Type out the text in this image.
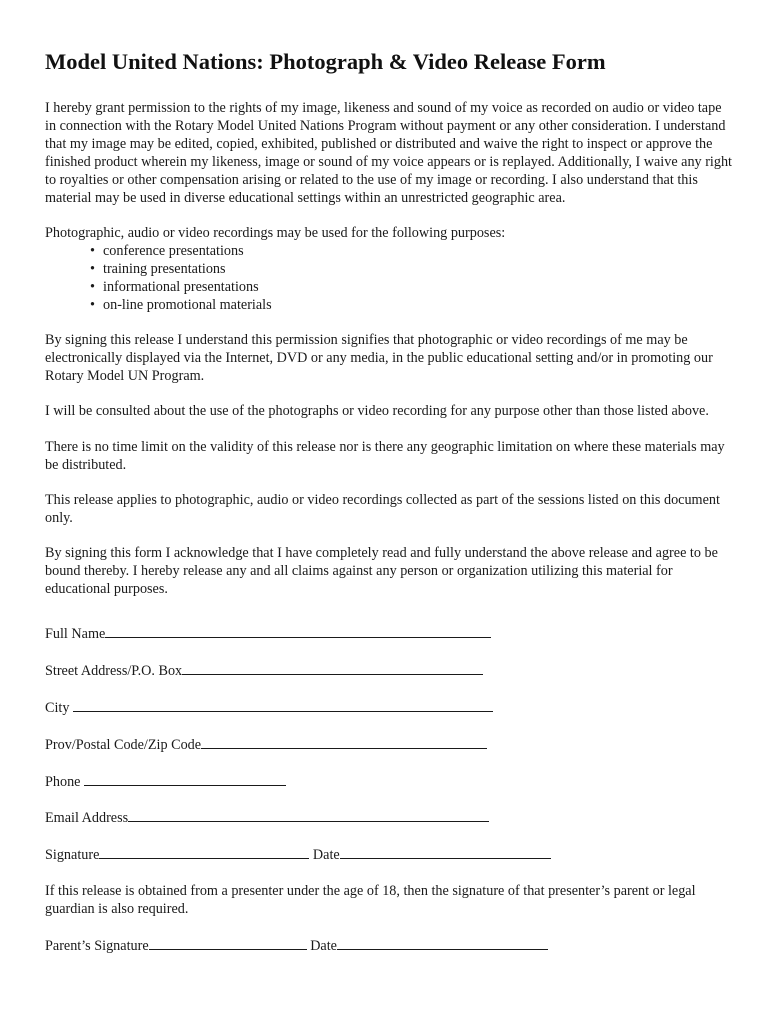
Model United Nations: Photograph & Video Release Form

I hereby grant permission to the rights of my image, likeness and sound of my voice as recorded on audio or video tape in connection with the Rotary Model United Nations Program without payment or any other consideration. I understand that my image may be edited, copied, exhibited, published or distributed and waive the right to inspect or approve the finished product wherein my likeness, image or sound of my voice appears or is replayed. Additionally, I waive any right to royalties or other compensation arising or related to the use of my image or recording. I also understand that this material may be used in diverse educational settings within an unrestricted geographic area.

Photographic, audio or video recordings may be used for the following purposes:

• conference presentations
• training presentations
• informational presentations
• on-line promotional materials

By signing this release I understand this permission signifies that photographic or video recordings of me may be electronically displayed via the Internet, DVD or any media, in the public educational setting and/or in promoting our Rotary Model UN Program.

I will be consulted about the use of the photographs or video recording for any purpose other than those listed above.

There is no time limit on the validity of this release nor is there any geographic limitation on where these materials may be distributed.

This release applies to photographic, audio or video recordings collected as part of the sessions listed on this document only.

By signing this form I acknowledge that I have completely read and fully understand the above release and agree to be bound thereby. I hereby release any and all claims against any person or organization utilizing this material for educational purposes.

Full Name
Street Address/P.O. Box
City
Prov/Postal Code/Zip Code
Phone
Email Address
Signature	Date

If this release is obtained from a presenter under the age of 18, then the signature of that presenter’s parent or legal guardian is also required.

Parent’s Signature	Date
